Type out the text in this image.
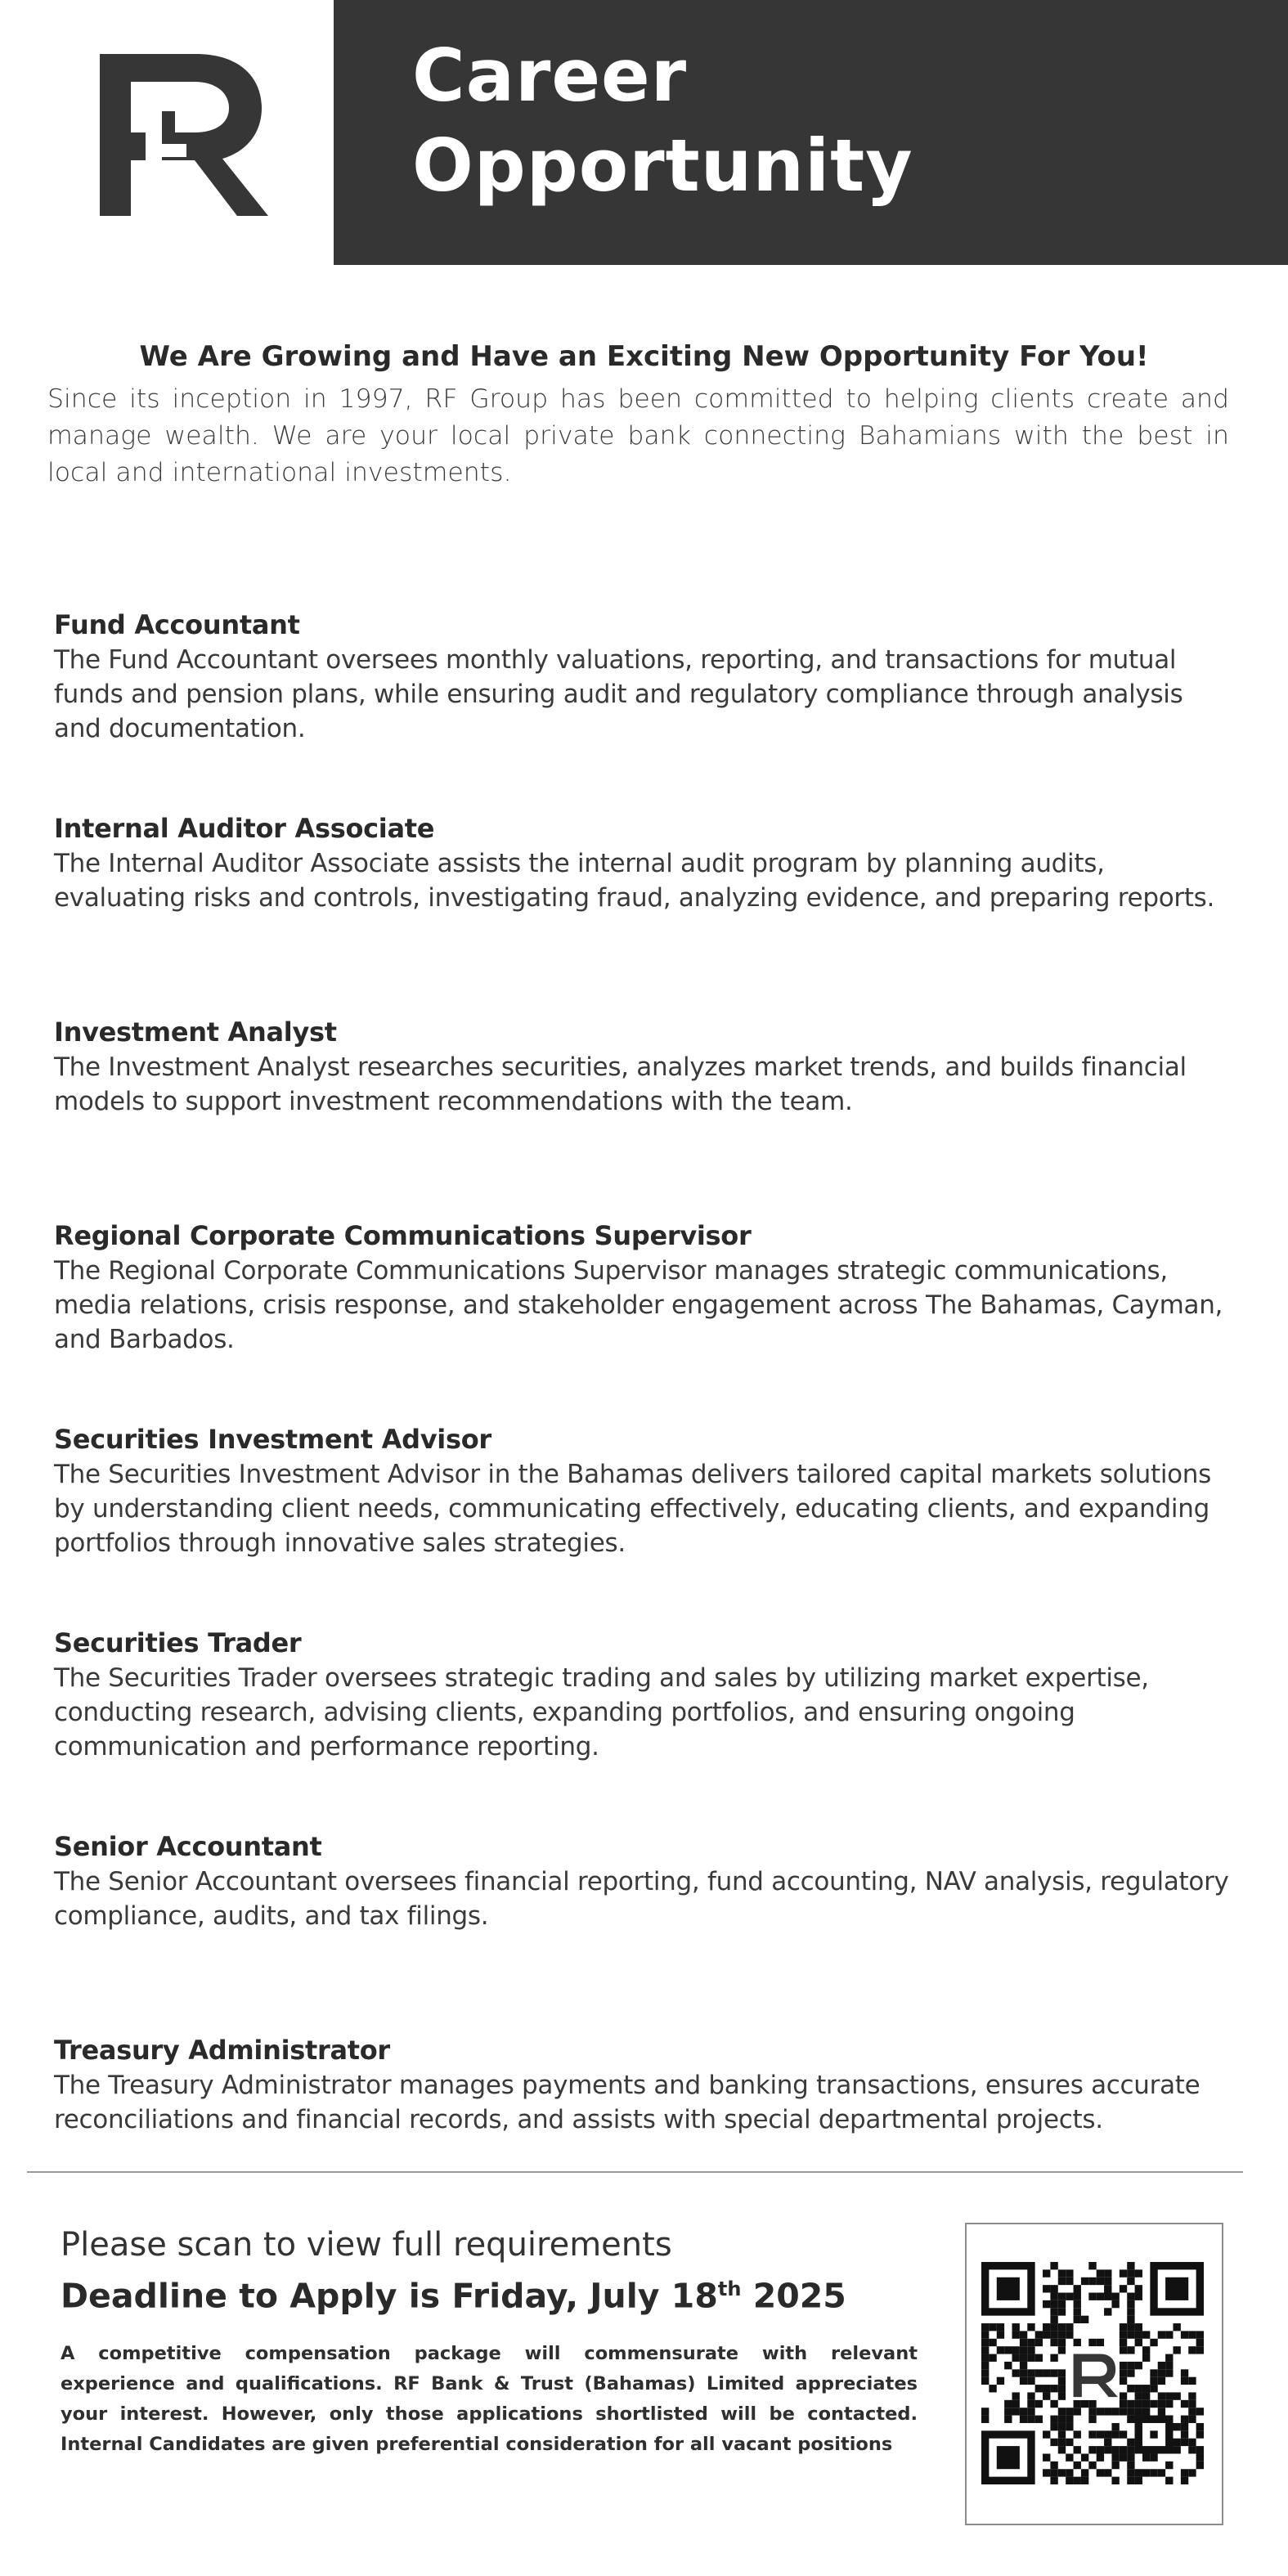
Career
Opportunity
We Are Growing and Have an Exciting New Opportunity For You!

Since its inception in 1997, RF Group has been committed to helping clients create and manage wealth. We are your local private bank connecting Bahamians with the best in local and international investments.

Fund Accountant

The Fund Accountant oversees monthly valuations, reporting, and transactions for mutual funds and pension plans, while ensuring audit and regulatory compliance through analysis and documentation.

Internal Auditor Associate

The Internal Auditor Associate assists the internal audit program by planning audits, evaluating risks and controls, investigating fraud, analyzing evidence, and preparing reports.

Investment Analyst

The Investment Analyst researches securities, analyzes market trends, and builds financial models to support investment recommendations with the team.

Regional Corporate Communications Supervisor

The Regional Corporate Communications Supervisor manages strategic communications, media relations, crisis response, and stakeholder engagement across The Bahamas, Cayman, and Barbados.

Securities Investment Advisor

The Securities Investment Advisor in the Bahamas delivers tailored capital markets solutions by understanding client needs, communicating effectively, educating clients, and expanding portfolios through innovative sales strategies.

Securities Trader

The Securities Trader oversees strategic trading and sales by utilizing market expertise, conducting research, advising clients, expanding portfolios, and ensuring ongoing communication and performance reporting.

Senior Accountant

The Senior Accountant oversees financial reporting, fund accounting, NAV analysis, regulatory compliance, audits, and tax filings.

Treasury Administrator

The Treasury Administrator manages payments and banking transactions, ensures accurate reconciliations and financial records, and assists with special departmental projects.

Please scan to view full requirements

Deadline to Apply is Friday, July 18th 2025

A competitive compensation package will commensurate with relevant experience and qualifications. RF Bank & Trust (Bahamas) Limited appreciates your interest. However, only those applications shortlisted will be contacted. Internal Candidates are given preferential consideration for all vacant positions
